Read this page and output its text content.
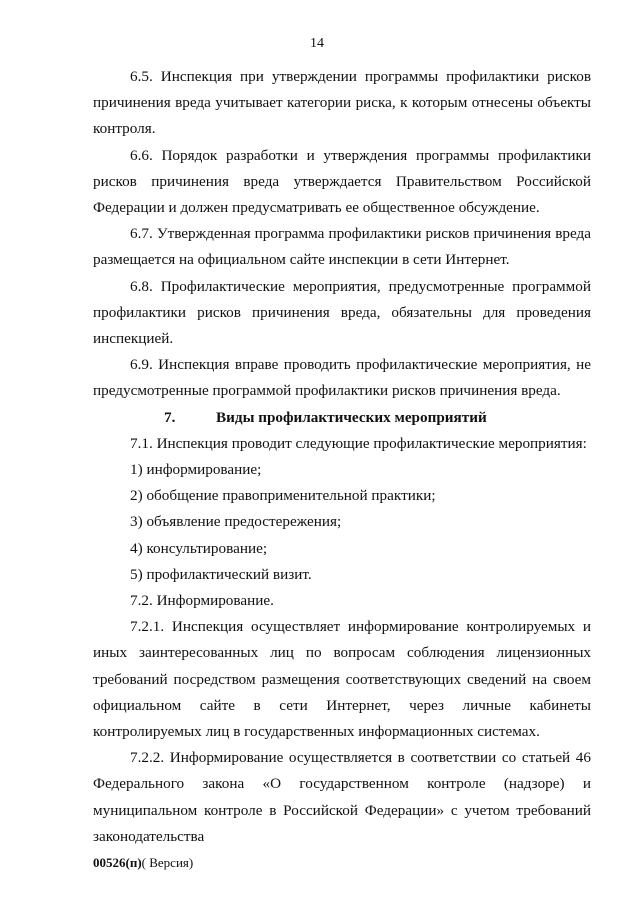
14

6.5. Инспекция при утверждении программы профилактики рисков причинения вреда учитывает категории риска, к которым отнесены объекты контроля.

6.6. Порядок разработки и утверждения программы профилактики рисков причинения вреда утверждается Правительством Российской Федерации и должен предусматривать ее общественное обсуждение.

6.7. Утвержденная программа профилактики рисков причинения вреда размещается на официальном сайте инспекции в сети Интернет.

6.8. Профилактические мероприятия, предусмотренные программой профилактики рисков причинения вреда, обязательны для проведения инспекцией.

6.9. Инспекция вправе проводить профилактические мероприятия, не предусмотренные программой профилактики рисков причинения вреда.

7.	Виды профилактических мероприятий

7.1. Инспекция проводит следующие профилактические мероприятия:

1) информирование;

2) обобщение правоприменительной практики;

3) объявление предостережения;

4) консультирование;

5) профилактический визит.

7.2. Информирование.

7.2.1. Инспекция осуществляет информирование контролируемых и иных заинтересованных лиц по вопросам соблюдения лицензионных требований посредством размещения соответствующих сведений на своем официальном сайте в сети Интернет, через личные кабинеты контролируемых лиц в государственных информационных системах.

7.2.2. Информирование осуществляется в соответствии со статьей 46 Федерального закона «О государственном контроле (надзоре) и муниципальном контроле в Российской Федерации» с учетом требований законодательства

00526(п)( Версия)
